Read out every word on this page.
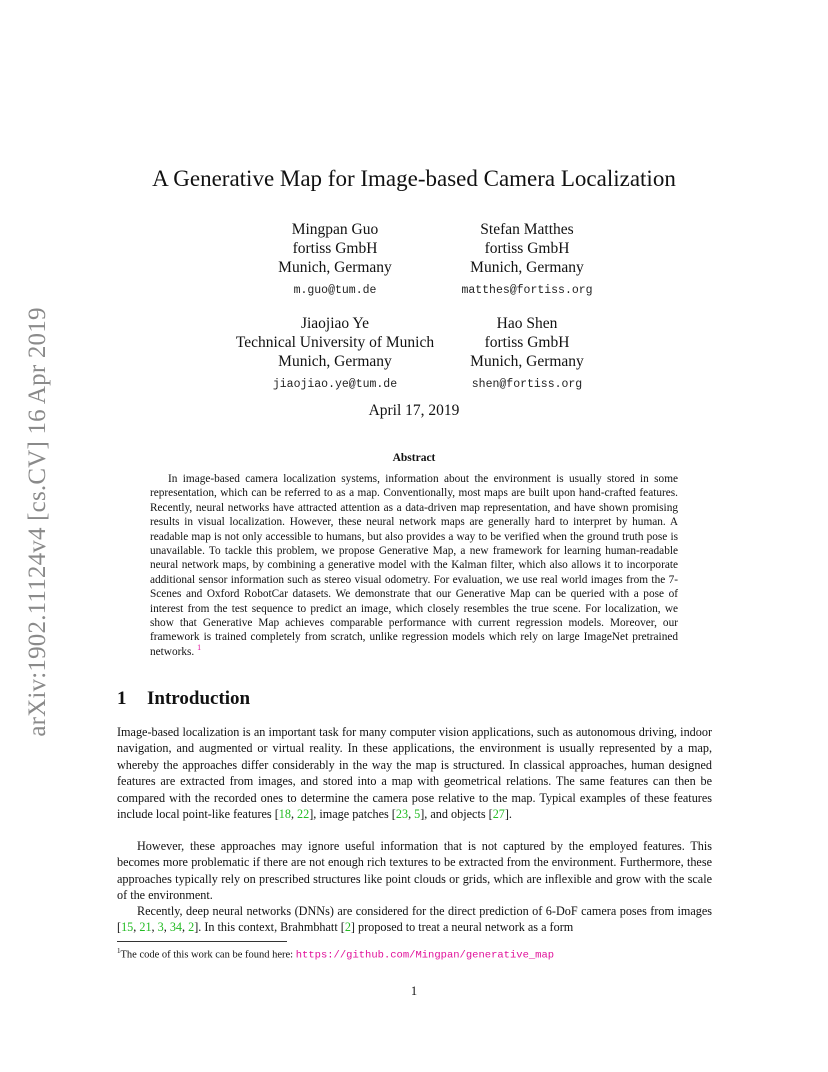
arXiv:1902.11124v4 [cs.CV] 16 Apr 2019
A Generative Map for Image-based Camera Localization
Mingpan Guo
fortiss GmbH
Munich, Germany
m.guo@tum.de
Stefan Matthes
fortiss GmbH
Munich, Germany
matthes@fortiss.org
Jiaojiao Ye
Technical University of Munich
Munich, Germany
jiaojiao.ye@tum.de
Hao Shen
fortiss GmbH
Munich, Germany
shen@fortiss.org
April 17, 2019
Abstract
In image-based camera localization systems, information about the environment is usually stored in some representation, which can be referred to as a map. Conventionally, most maps are built upon hand-crafted features. Recently, neural networks have attracted attention as a data-driven map representation, and have shown promising results in visual localization. However, these neural network maps are generally hard to interpret by human. A readable map is not only accessible to humans, but also provides a way to be verified when the ground truth pose is unavailable. To tackle this problem, we propose Generative Map, a new framework for learning human-readable neural network maps, by combining a generative model with the Kalman filter, which also allows it to incorporate additional sensor information such as stereo visual odometry. For evaluation, we use real world images from the 7-Scenes and Oxford RobotCar datasets. We demonstrate that our Generative Map can be queried with a pose of interest from the test sequence to predict an image, which closely resembles the true scene. For localization, we show that Generative Map achieves comparable performance with current regression models. Moreover, our framework is trained completely from scratch, unlike regression models which rely on large ImageNet pretrained networks. $^1$
1 Introduction

Image-based localization is an important task for many computer vision applications, such as autonomous driving, indoor navigation, and augmented or virtual reality. In these applications, the environment is usually represented by a map, whereby the approaches differ considerably in the way the map is structured. In classical approaches, human designed features are extracted from images, and stored into a map with geometrical relations. The same features can then be compared with the recorded ones to determine the camera pose relative to the map. Typical examples of these features include local point-like features [18, 22], image patches [23, 5], and objects [27].

However, these approaches may ignore useful information that is not captured by the employed features. This becomes more problematic if there are not enough rich textures to be extracted from the environment. Furthermore, these approaches typically rely on prescribed structures like point clouds or grids, which are inflexible and grow with the scale of the environment.

Recently, deep neural networks (DNNs) are considered for the direct prediction of 6-DoF camera poses from images [15, 21, 3, 34, 2]. In this context, Brahmbhatt [2] proposed to treat a neural network as a form

$^1$The code of this work can be found here: https://github.com/Mingpan/generative_map
1
